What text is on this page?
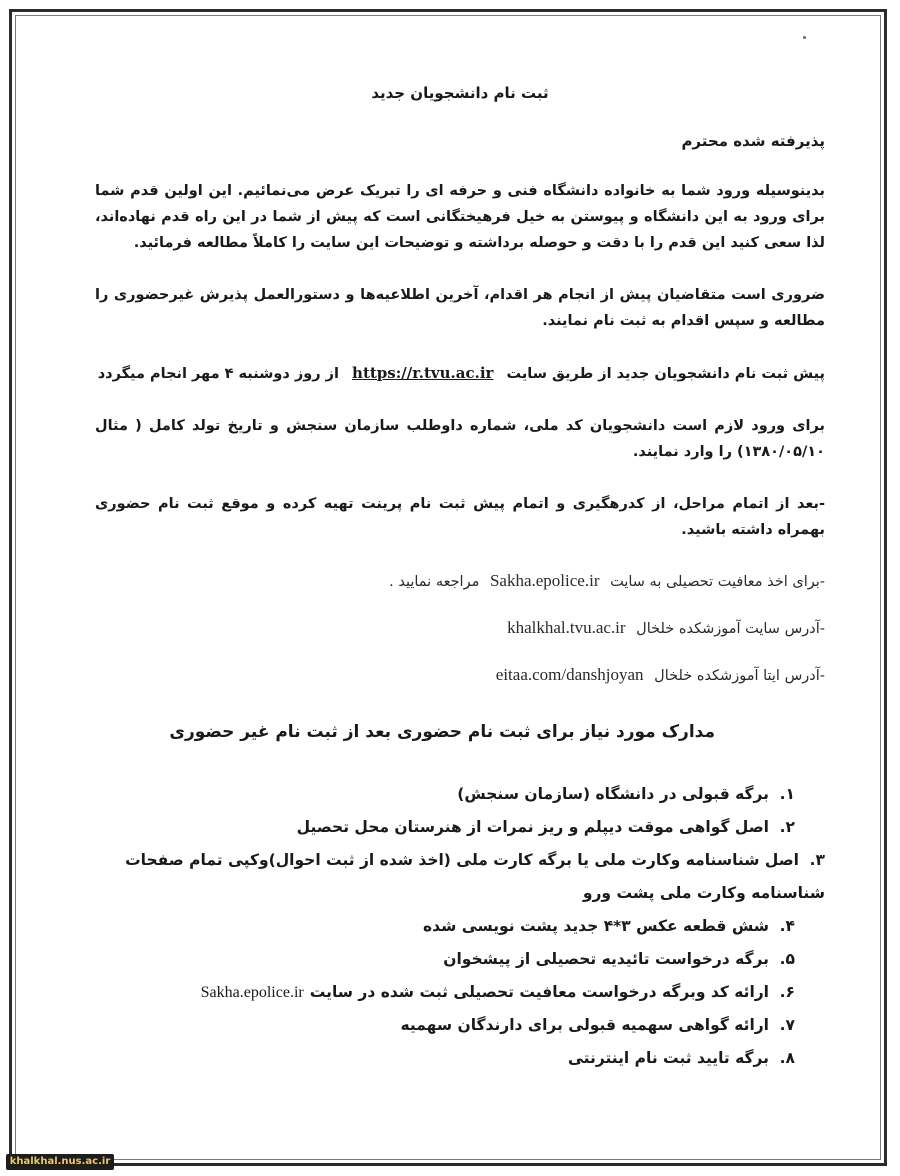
ثبت نام دانشجویان جدید
پذیرفته شده محترم

بدینوسیله ورود شما به خانواده دانشگاه فنی و حرفه ای را تبریک عرض می‌نمائیم. این اولین قدم شما برای ورود به این دانشگاه و پیوستن به خیل فرهیختگانی است که پیش از شما در این راه قدم نهاده‌اند، لذا سعی کنید این قدم را با دقت و حوصله برداشته و توضیحات این سایت را کاملاً مطالعه فرمائید.

ضروری است متقاضیان پیش از انجام هر اقدام، آخرین اطلاعیه‌ها و دستورالعمل پذیرش غیرحضوری را مطالعه و سپس اقدام به ثبت نام نمایند.

پیش ثبت نام دانشجویان جدید از طریق سایت https://r.tvu.ac.ir از روز دوشنبه ۴ مهر انجام میگردد

برای ورود لازم است دانشجویان کد ملی، شماره داوطلب سازمان سنجش و تاریخ تولد کامل ( مثال ۱۳۸۰/۰۵/۱۰) را وارد نمایند.

-بعد از اتمام مراحل، از کدرهگیری و اتمام پیش ثبت نام پرینت تهیه کرده و موقع ثبت نام حضوری بهمراه داشته باشید.

-برای اخذ معافیت تحصیلی به سایت Sakha.epolice.ir مراجعه نمایید .

-آدرس سایت آموزشکده خلخال khalkhal.tvu.ac.ir

-آدرس ایتا آموزشکده خلخال eitaa.com/danshjoyan

مدارک مورد نیاز برای ثبت نام حضوری بعد از ثبت نام غیر حضوری
۱.برگه قبولی در دانشگاه (سازمان سنجش)
۲.اصل گواهی موقت دیپلم و ریز نمرات از هنرستان محل تحصیل
۳.اصل شناسنامه وکارت ملی یا برگه کارت ملی (اخذ شده از ثبت احوال)وکپی تمام صفحات
شناسنامه وکارت ملی پشت ورو
۴.شش قطعه عکس ۳*۴ جدید پشت نویسی شده
۵.برگه درخواست تائیدیه تحصیلی از پیشخوان
۶.ارائه کد وبرگه درخواست معافیت تحصیلی ثبت شده در سایتSakha.epolice.ir
۷.ارائه گواهی سهمیه قبولی برای دارندگان سهمیه
۸.برگه تایید ثبت نام اینترنتی
khalkhal.nus.ac.ir
